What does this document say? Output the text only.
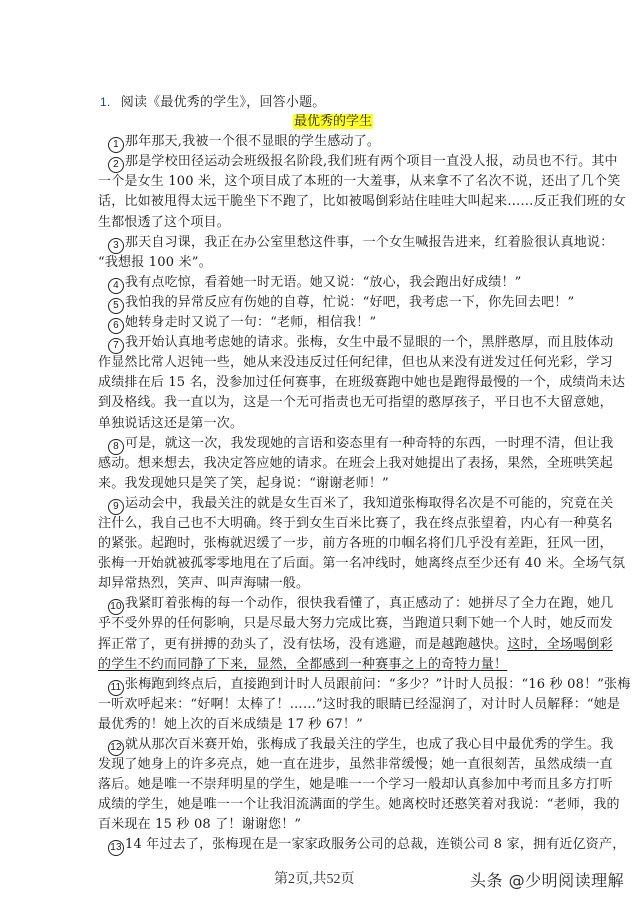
1. 阅读《最优秀的学生》，回答小题。
最优秀的学生
1 那年那天,我被一个很不显眼的学生感动了。
2 那是学校田径运动会班级报名阶段,我们班有两个项目一直没人报，动员也不行。其中
一个是女生 100 米，这个项目成了本班的一大羞事，从来拿不了名次不说，还出了几个笑
话，比如被甩得太远干脆坐下不跑了，比如被喝倒彩站住哇哇大叫起来……反正我们班的女
生都恨透了这个项目。
3 那天自习课，我正在办公室里愁这件事，一个女生喊报告进来，红着脸很认真地说：
“我想报 100 米”。
4 我有点吃惊，看着她一时无语。她又说：“放心，我会跑出好成绩！”
5 我怕我的异常反应有伤她的自尊，忙说：“好吧，我考虑一下，你先回去吧！”
6 她转身走时又说了一句：“老师，相信我！”
7 我开始认真地考虑她的请求。张梅，女生中最不显眼的一个，黑胖憨厚，而且肢体动
作显然比常人迟钝一些，她从来没违反过任何纪律，但也从来没有迸发过任何光彩，学习
成绩排在后 15 名，没参加过任何赛事，在班级赛跑中她也是跑得最慢的一个，成绩尚未达
到及格线。我一直以为，这是一个无可指责也无可指望的憨厚孩子，平日也不大留意她，
单独说话这还是第一次。
8 可是，就这一次，我发现她的言语和姿态里有一种奇特的东西，一时理不清，但让我
感动。想来想去，我决定答应她的请求。在班会上我对她提出了表扬，果然，全班哄笑起
来。我发现她只是笑了笑，起身说：“谢谢老师！”
9 运动会中，我最关注的就是女生百米了，我知道张梅取得名次是不可能的，究竟在关
注什么，我自己也不大明确。终于到女生百米比赛了，我在终点张望着，内心有一种莫名
的紧张。起跑时，张梅就迟缓了一步，前方各班的巾帼名将们几乎没有差距，狂风一团，
张梅一开始就被孤零零地甩在了后面。第一名冲线时，她离终点至少还有 40 米。全场气氛
却异常热烈，笑声、叫声海啸一般。
10 我紧盯着张梅的每一个动作，很快我看懂了，真正感动了：她拼尽了全力在跑，她几
乎不受外界的任何影响，只是尽最大努力完成比赛，当跑道只剩下她一个人时，她反而发
挥正常了，更有拼搏的劲头了，没有怯场，没有逃避，而是越跑越快。这时，全场喝倒彩
的学生不约而同静了下来，显然，全都感到一种赛事之上的奇特力量！
11 张梅跑到终点后，直接跑到计时人员跟前问：“多少？”计时人员报：“16 秒 08！”张梅
一听欢呼起来：“好啊！太棒了！……”这时我的眼睛已经湿润了，对计时人员解释：“她是
最优秀的！她上次的百米成绩是 17 秒 67！”
12 就从那次百米赛开始，张梅成了我最关注的学生，也成了我心目中最优秀的学生。我
发现了她身上的许多亮点，她一直在进步，虽然非常缓慢；她一直很刻苦，虽然成绩一直
落后。她是唯一不崇拜明星的学生，她是唯一一个学习一般却认真参加中考而且多方打听
成绩的学生，她是唯一一个让我泪流满面的学生。她离校时还憨笑着对我说：“老师，我的
百米现在 15 秒 08 了！谢谢您！”
13 14 年过去了，张梅现在是一家家政服务公司的总裁，连锁公司 8 家，拥有近亿资产，
第2页,共52页	头条 @少明阅读理解
